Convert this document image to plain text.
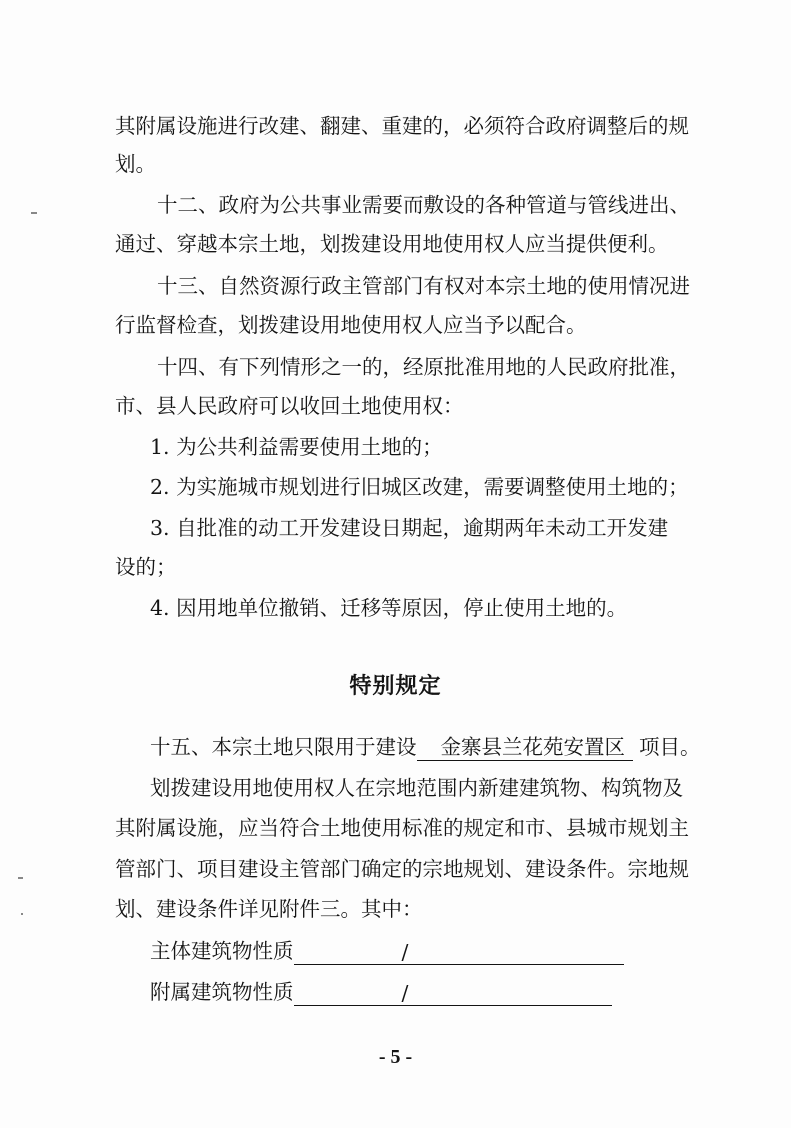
其附属设施进行改建、翻建、重建的，必须符合政府调整后的规
划。
十二、政府为公共事业需要而敷设的各种管道与管线进出、
通过、穿越本宗土地，划拨建设用地使用权人应当提供便利。
十三、自然资源行政主管部门有权对本宗土地的使用情况进
行监督检查，划拨建设用地使用权人应当予以配合。
十四、有下列情形之一的，经原批准用地的人民政府批准，
市、县人民政府可以收回土地使用权：
1. 为公共利益需要使用土地的；
2. 为实施城市规划进行旧城区改建，需要调整使用土地的；
3. 自批准的动工开发建设日期起，逾期两年未动工开发建
设的；
4. 因用地单位撤销、迁移等原因，停止使用土地的。
特别规定
十五、本宗土地只限用于建设 金寨县兰花苑安置区 项目。
划拨建设用地使用权人在宗地范围内新建建筑物、构筑物及
其附属设施，应当符合土地使用标准的规定和市、县城市规划主
管部门、项目建设主管部门确定的宗地规划、建设条件。宗地规
划、建设条件详见附件三。其中：
主体建筑物性质	/
附属建筑物性质	/
- 5 -
